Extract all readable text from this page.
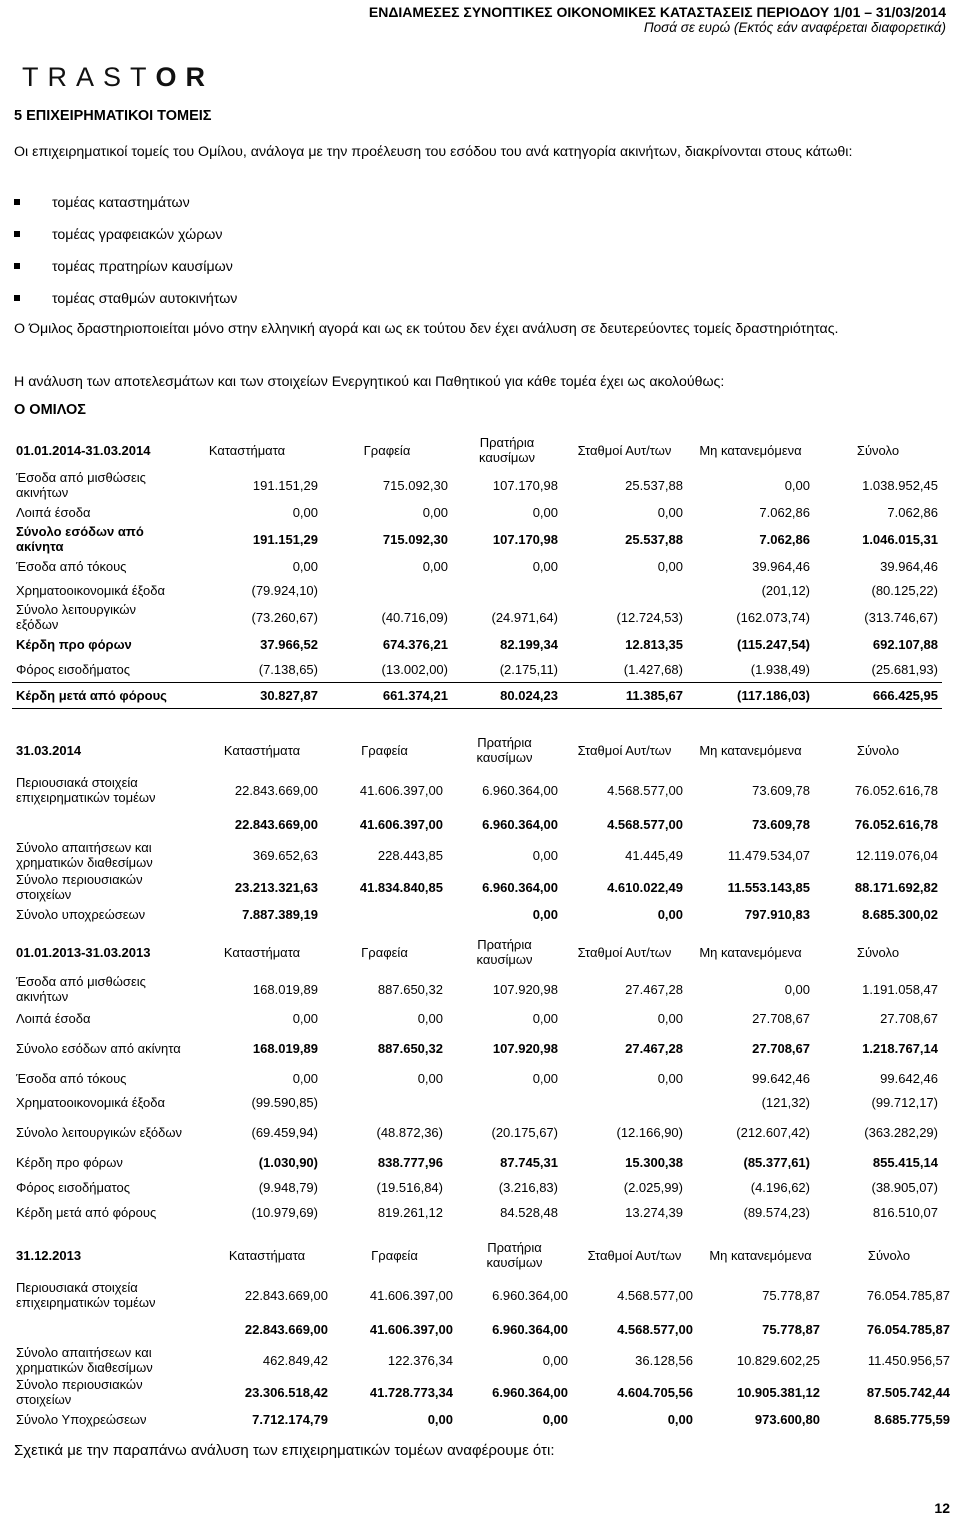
ΕΝΔΙΑΜΕΣΕΣ ΣΥΝΟΠΤΙΚΕΣ ΟΙΚΟΝΟΜΙΚΕΣ ΚΑΤΑΣΤΑΣΕΙΣ ΠΕΡΙΟΔΟΥ 1/01 – 31/03/2014
Ποσά σε ευρώ (Εκτός εάν αναφέρεται διαφορετικά)
TRASTOR
5 ΕΠΙΧΕΙΡΗΜΑΤΙΚΟΙ ΤΟΜΕΙΣ
Οι επιχειρηματικοί τομείς του Ομίλου, ανάλογα με την προέλευση του εσόδου του ανά κατηγορία ακινήτων, διακρίνονται στους κάτωθι:
τομέας καταστημάτων
τομέας γραφειακών χώρων
τομέας πρατηρίων καυσίμων
τομέας σταθμών αυτοκινήτων
Ο Όμιλος δραστηριοποιείται μόνο στην ελληνική αγορά και ως εκ τούτου δεν έχει ανάλυση σε δευτερεύοντες τομείς δραστηριότητας.
Η ανάλυση των αποτελεσμάτων και των στοιχείων Ενεργητικού και Παθητικού για κάθε τομέα έχει ως ακολούθως:
Ο ΟΜΙΛΟΣ
01.01.2014-31.03.2014	Καταστήματα	Γραφεία	Πρατήρια καυσίμων	Σταθμοί Αυτ/των	Μη κατανεμόμενα	Σύνολο
Έσοδα από μισθώσεις ακινήτων	191.151,29	715.092,30	107.170,98	25.537,88	0,00	1.038.952,45
Λοιπά έσοδα	0,00	0,00	0,00	0,00	7.062,86	7.062,86
Σύνολο εσόδων από ακίνητα	191.151,29	715.092,30	107.170,98	25.537,88	7.062,86	1.046.015,31
Έσοδα από τόκους	0,00	0,00	0,00	0,00	39.964,46	39.964,46
Χρηματοοικονομικά έξοδα	(79.924,10)				(201,12)	(80.125,22)
Σύνολο λειτουργικών εξόδων	(73.260,67)	(40.716,09)	(24.971,64)	(12.724,53)	(162.073,74)	(313.746,67)
Κέρδη προ φόρων	37.966,52	674.376,21	82.199,34	12.813,35	(115.247,54)	692.107,88
Φόρος εισοδήματος	(7.138,65)	(13.002,00)	(2.175,11)	(1.427,68)	(1.938,49)	(25.681,93)
Κέρδη μετά από φόρους	30.827,87	661.374,21	80.024,23	11.385,67	(117.186,03)	666.425,95
31.03.2014	Καταστήματα	Γραφεία	Πρατήρια καυσίμων	Σταθμοί Αυτ/των	Μη κατανεμόμενα	Σύνολο
Περιουσιακά στοιχεία επιχειρηματικών τομέων	22.843.669,00	41.606.397,00	6.960.364,00	4.568.577,00	73.609,78	76.052.616,78
	22.843.669,00	41.606.397,00	6.960.364,00	4.568.577,00	73.609,78	76.052.616,78
Σύνολο απαιτήσεων και χρηματικών διαθεσίμων	369.652,63	228.443,85	0,00	41.445,49	11.479.534,07	12.119.076,04
Σύνολο περιουσιακών στοιχείων	23.213.321,63	41.834.840,85	6.960.364,00	4.610.022,49	11.553.143,85	88.171.692,82
Σύνολο υποχρεώσεων	7.887.389,19		0,00	0,00	797.910,83	8.685.300,02
01.01.2013-31.03.2013	Καταστήματα	Γραφεία	Πρατήρια καυσίμων	Σταθμοί Αυτ/των	Μη κατανεμόμενα	Σύνολο
Έσοδα από μισθώσεις ακινήτων	168.019,89	887.650,32	107.920,98	27.467,28	0,00	1.191.058,47
Λοιπά έσοδα	0,00	0,00	0,00	0,00	27.708,67	27.708,67
Σύνολο εσόδων από ακίνητα	168.019,89	887.650,32	107.920,98	27.467,28	27.708,67	1.218.767,14
Έσοδα από τόκους	0,00	0,00	0,00	0,00	99.642,46	99.642,46
Χρηματοοικονομικά έξοδα	(99.590,85)				(121,32)	(99.712,17)
Σύνολο λειτουργικών εξόδων	(69.459,94)	(48.872,36)	(20.175,67)	(12.166,90)	(212.607,42)	(363.282,29)
Κέρδη προ φόρων	(1.030,90)	838.777,96	87.745,31	15.300,38	(85.377,61)	855.415,14
Φόρος εισοδήματος	(9.948,79)	(19.516,84)	(3.216,83)	(2.025,99)	(4.196,62)	(38.905,07)
Κέρδη μετά από φόρους	(10.979,69)	819.261,12	84.528,48	13.274,39	(89.574,23)	816.510,07
31.12.2013	Καταστήματα	Γραφεία	Πρατήρια καυσίμων	Σταθμοί Αυτ/των	Μη κατανεμόμενα	Σύνολο
Περιουσιακά στοιχεία επιχειρηματικών τομέων	22.843.669,00	41.606.397,00	6.960.364,00	4.568.577,00	75.778,87	76.054.785,87
	22.843.669,00	41.606.397,00	6.960.364,00	4.568.577,00	75.778,87	76.054.785,87
Σύνολο απαιτήσεων και χρηματικών διαθεσίμων	462.849,42	122.376,34	0,00	36.128,56	10.829.602,25	11.450.956,57
Σύνολο περιουσιακών στοιχείων	23.306.518,42	41.728.773,34	6.960.364,00	4.604.705,56	10.905.381,12	87.505.742,44
Σύνολο Υποχρεώσεων	7.712.174,79	0,00	0,00	0,00	973.600,80	8.685.775,59
Σχετικά με την παραπάνω ανάλυση των επιχειρηματικών τομέων αναφέρουμε ότι:
12
